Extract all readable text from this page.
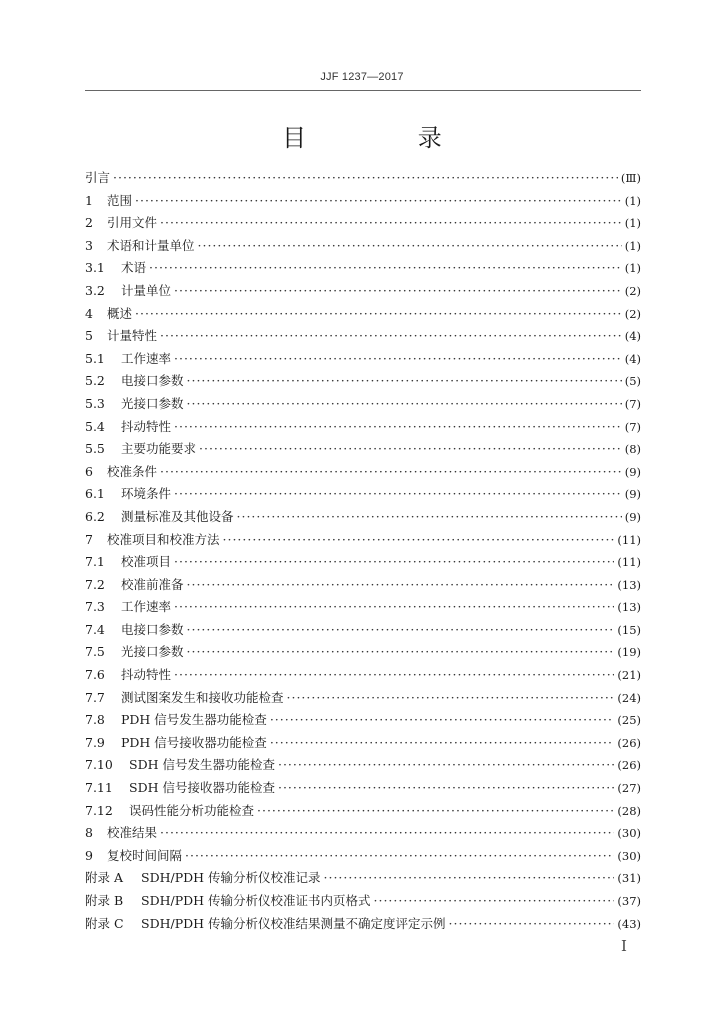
JJF 1237—2017
目 录
引言 ·····	(Ⅲ)
1	范围 ·····	(1)
2	引用文件 ·····	(1)
3	术语和计量单位 ·····	(1)
3.1	术语 ·····	(1)
3.2	计量单位 ·····	(2)
4	概述 ·····	(2)
5	计量特性 ·····	(4)
5.1	工作速率 ·····	(4)
5.2	电接口参数 ·····	(5)
5.3	光接口参数 ·····	(7)
5.4	抖动特性 ·····	(7)
5.5	主要功能要求 ·····	(8)
6	校准条件 ·····	(9)
6.1	环境条件 ·····	(9)
6.2	测量标准及其他设备 ·····	(9)
7	校准项目和校准方法 ·····	(11)
7.1	校准项目 ·····	(11)
7.2	校准前准备 ·····	(13)
7.3	工作速率 ·····	(13)
7.4	电接口参数 ·····	(15)
7.5	光接口参数 ·····	(19)
7.6	抖动特性 ·····	(21)
7.7	测试图案发生和接收功能检查 ·····	(24)
7.8	PDH 信号发生器功能检查 ·····	(25)
7.9	PDH 信号接收器功能检查 ·····	(26)
7.10	SDH 信号发生器功能检查 ·····	(26)
7.11	SDH 信号接收器功能检查 ·····	(27)
7.12	误码性能分析功能检查 ·····	(28)
8	校准结果 ·····	(30)
9	复校时间间隔 ·····	(30)
附录 A	SDH/PDH 传输分析仪校准记录 ·····	(31)
附录 B	SDH/PDH 传输分析仪校准证书内页格式 ·····	(37)
附录 C	SDH/PDH 传输分析仪校准结果测量不确定度评定示例 ·····	(43)
I
